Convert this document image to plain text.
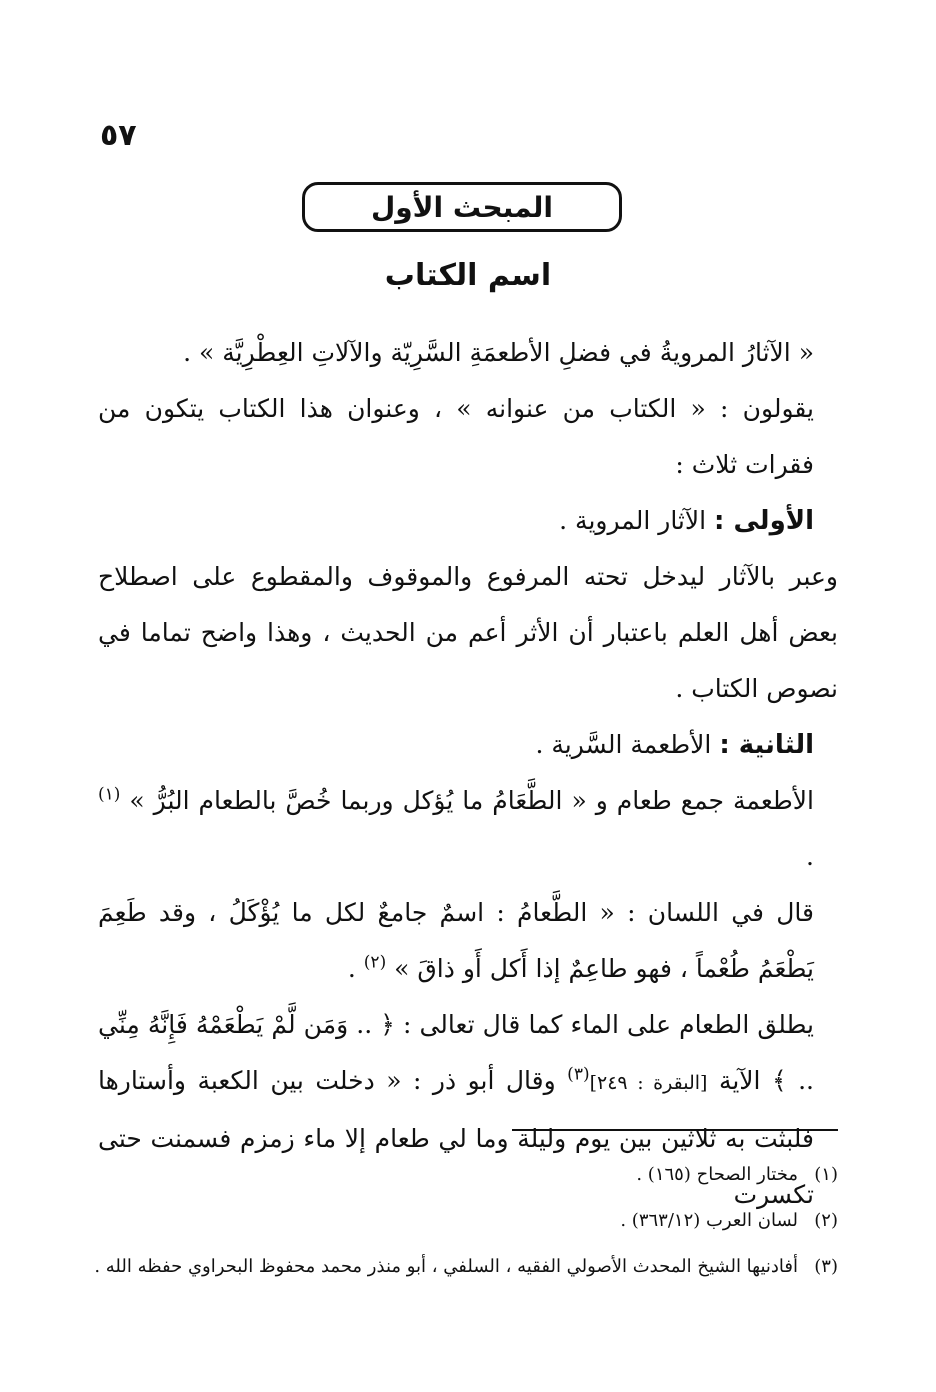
٥٧
المبحث الأول
اسم الكتاب

« الآثارُ المرويةُ في فضلِ الأطعمَةِ السَّرِيّة والآلاتِ العِطْرِيَّة » .

يقولون : « الكتاب من عنوانه » ، وعنوان هذا الكتاب يتكون من فقرات ثلاث :

الأولى : الآثار المروية .

وعبر بالآثار ليدخل تحته المرفوع والموقوف والمقطوع على اصطلاح بعض أهل العلم باعتبار أن الأثر أعم من الحديث ، وهذا واضح تماما في نصوص الكتاب .

الثانية : الأطعمة السَّرية .

الأطعمة جمع طعام و « الطَّعَامُ ما يُؤكل وربما خُصَّ بالطعام البُرُّ » $^{(١)}$ .

قال في اللسان : « الطَّعامُ : اسمٌ جامعٌ لكل ما يُؤْكَلُ ، وقد طَعِمَ يَطْعَمُ طُعْماً ، فهو طاعِمٌ إذا أَكل أَو ذاقَ » $^{(٢)}$ .

يطلق الطعام على الماء كما قال تعالى : ﴿ .. وَمَن لَّمْ يَطْعَمْهُ فَإِنَّهُ مِنِّي .. ﴾ الآية [البقرة : ٢٤٩]$^{(٣)}$ وقال أبو ذر : « دخلت بين الكعبة وأستارها فلبثت به ثلاثين بين يوم وليلة وما لي طعام إلا ماء زمزم فسمنت حتى تكسرت

(١)
مختار الصحاح (١٦٥) .
(٢)
لسان العرب (٣٦٣/١٢) .
(٣)
أفادنيها الشيخ المحدث الأصولي الفقيه ، السلفي ، أبو منذر محمد محفوظ البحراوي حفظه الله .
